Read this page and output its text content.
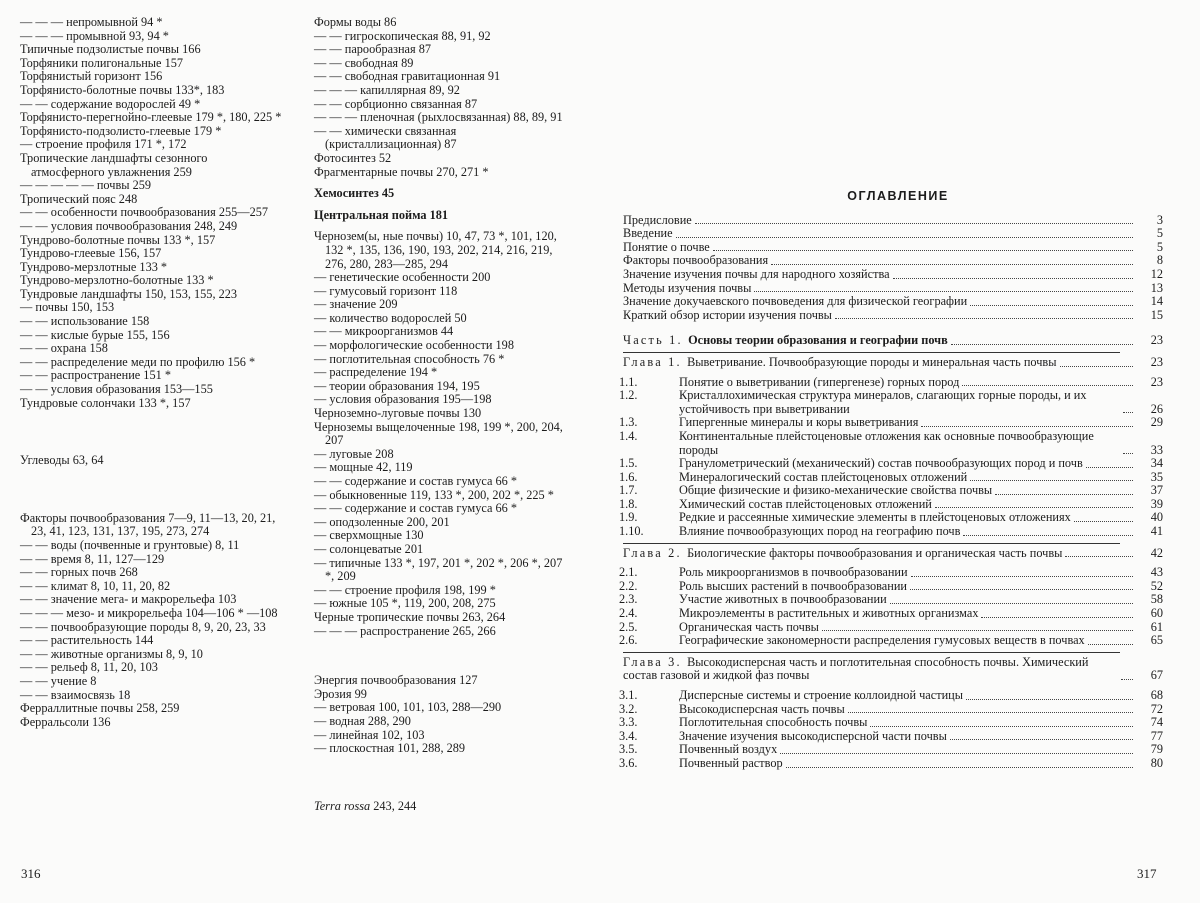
— — — непромывной 94 *
— — — промывной 93, 94 *
Типичные подзолистые почвы 166
Торфяники полигональные 157
Торфянистый горизонт 156
Торфянисто-болотные почвы 133*, 183
— — содержание водорослей 49 *
Торфянисто-перегнойно-глеевые 179 *, 180, 225 *
Торфянисто-подзолисто-глеевые 179 *
— строение профиля 171 *, 172
Тропические ландшафты сезонного атмосферного увлажнения 259
— — — — — почвы 259
Тропический пояс 248
— — особенности почвообразования 255—257
— — условия почвообразования 248, 249
Тундрово-болотные почвы 133 *, 157
Тундрово-глеевые 156, 157
Тундрово-мерзлотные 133 *
Тундрово-мерзлотно-болотные 133 *
Тундровые ландшафты 150, 153, 155, 223
— почвы 150, 153
— — использование 158
— — кислые бурые 155, 156
— — охрана 158
— — распределение меди по профилю 156 *
— — распространение 151 *
— — условия образования 153—155
Тундровые солончаки 133 *, 157
Углеводы 63, 64
Факторы почвообразования 7—9, 11—13, 20, 21, 23, 41, 123, 131, 137, 195, 273, 274
— — воды (почвенные и грунтовые) 8, 11
— — время 8, 11, 127—129
— — горных почв 268
— — климат 8, 10, 11, 20, 82
— — значение мега- и макрорельефа 103
— — — мезо- и микрорельефа 104—106 * —108
— — почвообразующие породы 8, 9, 20, 23, 33
— — растительность 144
— — животные организмы 8, 9, 10
— — рельеф 8, 11, 20, 103
— — учение 8
— — взаимосвязь 18
Ферраллитные почвы 258, 259
Ферральсоли 136
Формы воды 86
— — гигроскопическая 88, 91, 92
— — парообразная 87
— — свободная 89
— — свободная гравитационная 91
— — — капиллярная 89, 92
— — сорбционно связанная 87
— — — пленочная (рыхлосвязанная) 88, 89, 91
— — химически связанная (кристаллизационная) 87
Фотосинтез 52
Фрагментарные почвы 270, 271 *
Хемосинтез 45
Центральная пойма 181
Чернозем(ы, ные почвы) 10, 47, 73 *, 101, 120, 132 *, 135, 136, 190, 193, 202, 214, 216, 219, 276, 280, 283—285, 294
— генетические особенности 200
— гумусовый горизонт 118
— значение 209
— количество водорослей 50
— — микроорганизмов 44
— морфологические особенности 198
— поглотительная способность 76 *
— распределение 194 *
— теории образования 194, 195
— условия образования 195—198
Черноземно-луговые почвы 130
Черноземы выщелоченные 198, 199 *, 200, 204, 207
— луговые 208
— мощные 42, 119
— — содержание и состав гумуса 66 *
— обыкновенные 119, 133 *, 200, 202 *, 225 *
— — содержание и состав гумуса 66 *
— оподзоленные 200, 201
— сверхмощные 130
— солонцеватые 201
— типичные 133 *, 197, 201 *, 202 *, 206 *, 207 *, 209
— — строение профиля 198, 199 *
— южные 105 *, 119, 200, 208, 275
Черные тропические почвы 263, 264
— — — распространение 265, 266
Энергия почвообразования 127
Эрозия 99
— ветровая 100, 101, 103, 288—290
— водная 288, 290
— линейная 102, 103
— плоскостная 101, 288, 289
Terra rossa 243, 244
316
ОГЛАВЛЕНИЕ
Предисловие	3
Введение	5
Понятие о почве	5
Факторы почвообразования	8
Значение изучения почвы для народного хозяйства	12
Методы изучения почвы	13
Значение докучаевского почвоведения для физической географии	14
Краткий обзор истории изучения почвы	15
Часть 1. Основы теории образования и географии почв	23
Глава 1. Выветривание. Почвообразующие породы и минеральная часть почвы	23
1.1.	Понятие о выветривании (гипергенезе) горных пород	23
1.2.	Кристаллохимическая структура минералов, слагающих горные породы, и их устойчивость при выветривании	26
1.3.	Гипергенные минералы и коры выветривания	29
1.4.	Континентальные плейстоценовые отложения как основные почвообразующие породы	33
1.5.	Гранулометрический (механический) состав почвообразующих пород и почв	34
1.6.	Минералогический состав плейстоценовых отложений	35
1.7.	Общие физические и физико-механические свойства почвы	37
1.8.	Химический состав плейстоценовых отложений	39
1.9.	Редкие и рассеянные химические элементы в плейстоценовых отложениях	40
1.10.	Влияние почвообразующих пород на географию почв	41
Глава 2. Биологические факторы почвообразования и органическая часть почвы	42
2.1.	Роль микроорганизмов в почвообразовании	43
2.2.	Роль высших растений в почвообразовании	52
2.3.	Участие животных в почвообразовании	58
2.4.	Микроэлементы в растительных и животных организмах	60
2.5.	Органическая часть почвы	61
2.6.	Географические закономерности распределения гумусовых веществ в почвах	65
Глава 3. Высокодисперсная часть и поглотительная способность почвы. Химический состав газовой и жидкой фаз почвы	67
3.1.	Дисперсные системы и строение коллоидной частицы	68
3.2.	Высокодисперсная часть почвы	72
3.3.	Поглотительная способность почвы	74
3.4.	Значение изучения высокодисперсной части почвы	77
3.5.	Почвенный воздух	79
3.6.	Почвенный раствор	80
317
